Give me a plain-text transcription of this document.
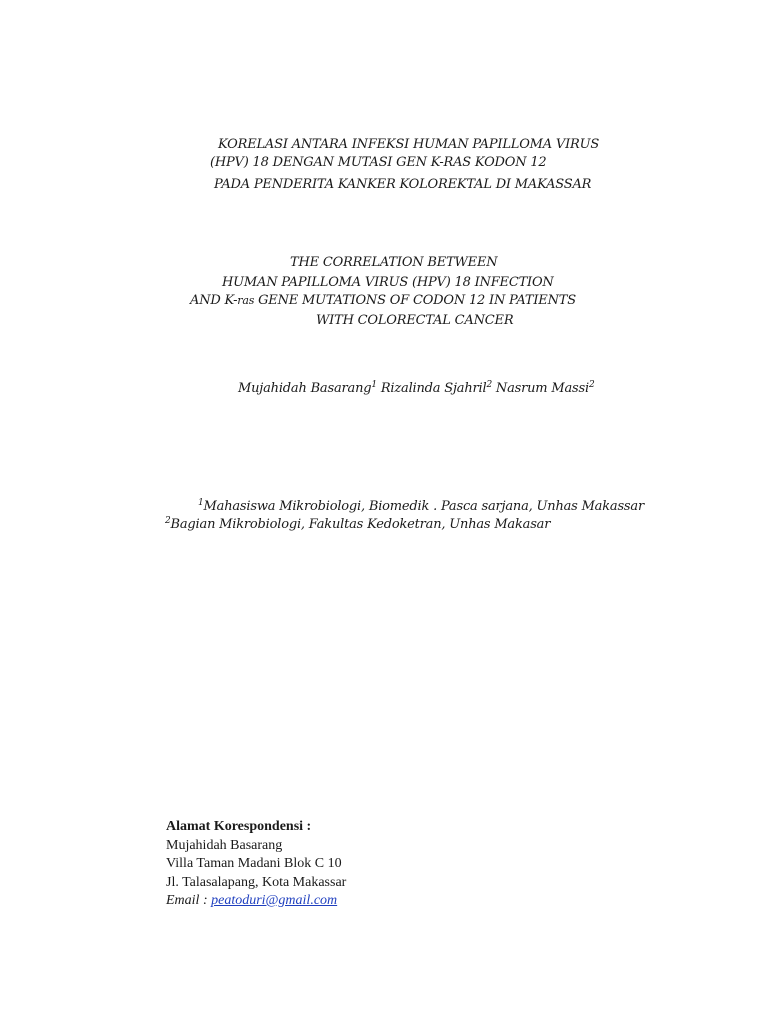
KORELASI ANTARA INFEKSI HUMAN PAPILLOMA VIRUS
(HPV) 18 DENGAN MUTASI GEN K-RAS KODON 12
PADA PENDERITA KANKER KOLOREKTAL DI MAKASSAR
THE CORRELATION BETWEEN
HUMAN PAPILLOMA VIRUS (HPV) 18 INFECTION
AND K-ras GENE MUTATIONS OF CODON 12 IN PATIENTS
WITH COLORECTAL CANCER
Mujahidah Basarang$^1$ Rizalinda Sjahril$^2$ Nasrum Massi$^2$
$^1$Mahasiswa Mikrobiologi, Biomedik . Pasca sarjana, Unhas Makassar
$^2$Bagian Mikrobiologi, Fakultas Kedoketran, Unhas Makasar
Alamat Korespondensi :
Mujahidah Basarang
Villa Taman Madani Blok C 10
Jl. Talasalapang, Kota Makassar
Email : peatoduri@gmail.com
